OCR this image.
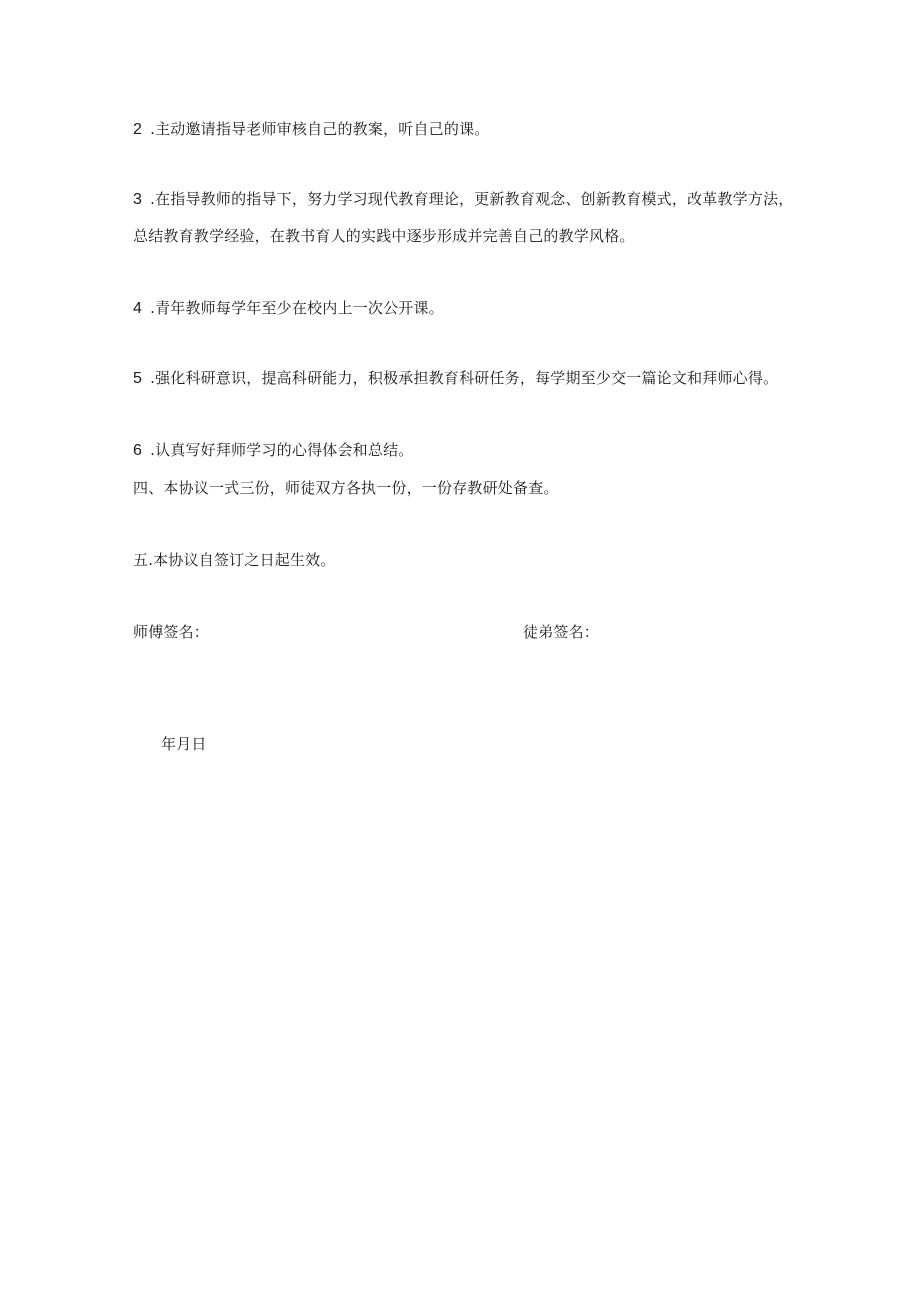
2 .主动邀请指导老师审核自己的教案，听自己的课。
3 .在指导教师的指导下，努力学习现代教育理论，更新教育观念、创新教育模式，改革教学方法，
总结教育教学经验，在教书育人的实践中逐步形成并完善自己的教学风格。
4 .青年教师每学年至少在校内上一次公开课。
5 .强化科研意识，提高科研能力，积极承担教育科研任务，每学期至少交一篇论文和拜师心得。
6 .认真写好拜师学习的心得体会和总结。
四、本协议一式三份，师徒双方各执一份，一份存教研处备查。
五.本协议自签订之日起生效。
师傅签名：	徒弟签名：
年月日
